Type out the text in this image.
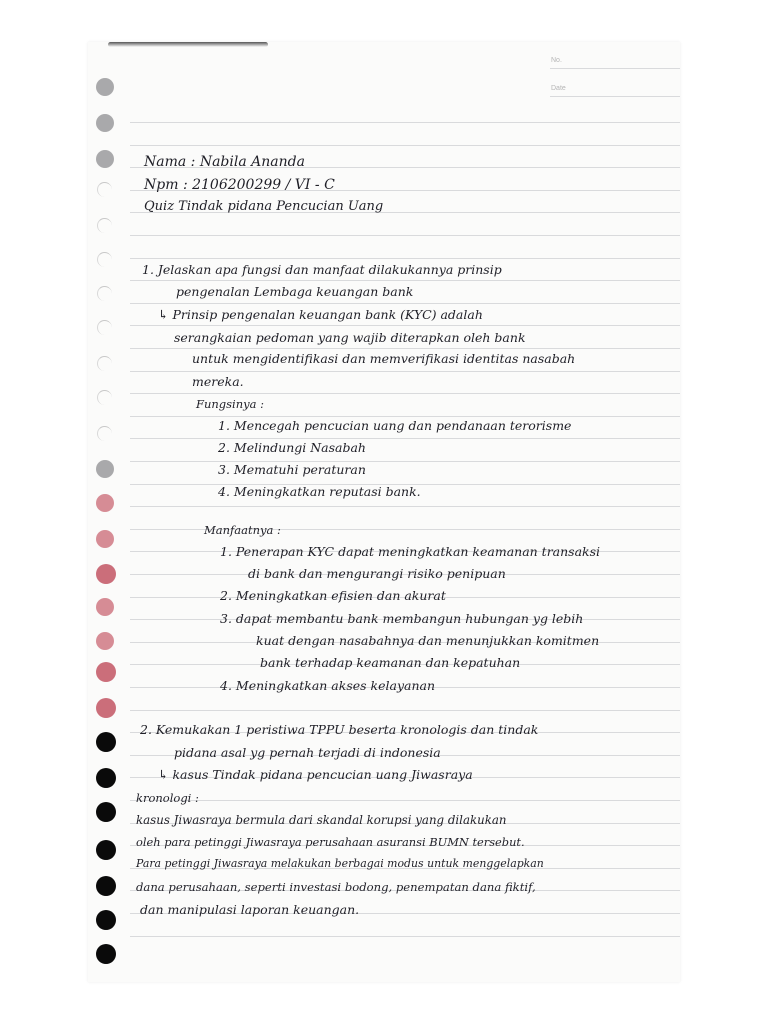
No.
Date
Nama : Nabila Ananda
Npm : 2106200299 / VI - C
Quiz Tindak pidana Pencucian Uang
1. Jelaskan apa fungsi dan manfaat dilakukannya prinsip
pengenalan Lembaga keuangan bank
↳ Prinsip pengenalan keuangan bank (KYC) adalah
serangkaian pedoman yang wajib diterapkan oleh bank
untuk mengidentifikasi dan memverifikasi identitas nasabah
mereka.
Fungsinya :
1. Mencegah pencucian uang dan pendanaan terorisme
2. Melindungi Nasabah
3. Mematuhi peraturan
4. Meningkatkan reputasi bank.
Manfaatnya :
1. Penerapan KYC dapat meningkatkan keamanan transaksi
di bank dan mengurangi risiko penipuan
2. Meningkatkan efisien dan akurat
3. dapat membantu bank membangun hubungan yg lebih
kuat dengan nasabahnya dan menunjukkan komitmen
bank terhadap keamanan dan kepatuhan
4. Meningkatkan akses kelayanan
2. Kemukakan 1 peristiwa TPPU beserta kronologis dan tindak
pidana asal yg pernah terjadi di indonesia
↳ kasus Tindak pidana pencucian uang Jiwasraya
kronologi :
kasus Jiwasraya bermula dari skandal korupsi yang dilakukan
oleh para petinggi Jiwasraya perusahaan asuransi BUMN tersebut.
Para petinggi Jiwasraya melakukan berbagai modus untuk menggelapkan
dana perusahaan, seperti investasi bodong, penempatan dana fiktif,
dan manipulasi laporan keuangan.
